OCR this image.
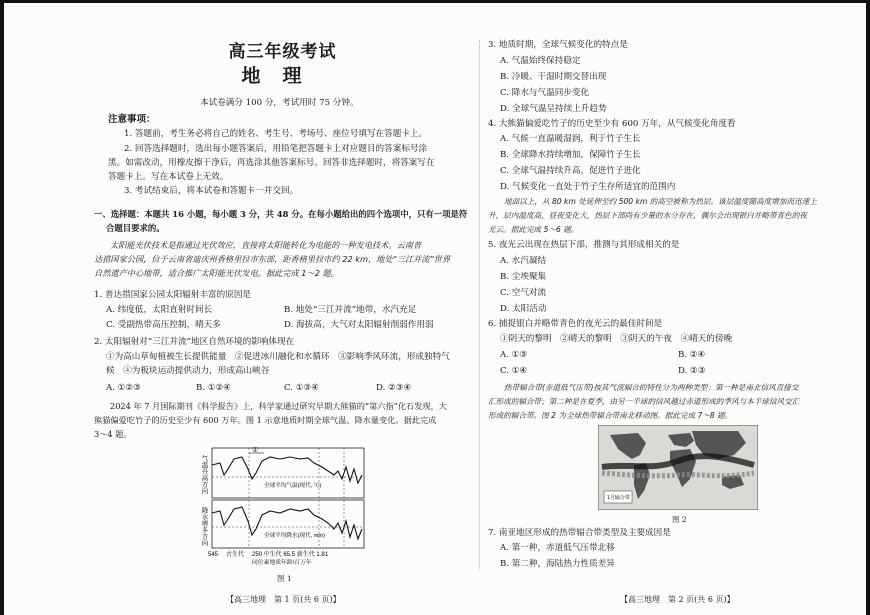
高三年级考试
地理
本试卷满分 100 分，考试用时 75 分钟。
注意事项：
1. 答题前，考生务必将自己的姓名、考生号、考场号、座位号填写在答题卡上。
2. 回答选择题时，选出每小题答案后，用铅笔把答题卡上对应题目的答案标号涂
黑。如需改动，用橡皮擦干净后，再选涂其他答案标号。回答非选择题时，将答案写在
答题卡上。写在本试卷上无效。
3. 考试结束后，将本试卷和答题卡一并交回。
一、选择题：本题共 16 小题，每小题 3 分，共 48 分。在每小题给出的四个选项中，只有一项是符
合题目要求的。
太阳能光伏技术是指通过光伏效应，直接将太阳能转化为电能的一种发电技术。云南普
达措国家公园，位于云南省迪庆州香格里拉市东部，距香格里拉市约 22 km，地处“三江并流”世界
自然遗产中心地带，适合推广太阳能光伏发电。据此完成 1～2 题。
1. 普达措国家公园太阳辐射丰富的原因是
A. 纬度低，太阳直射时间长	B. 地处“三江并流”地带，水汽充足
C. 受副热带高压控制，晴天多	D. 海拔高，大气对太阳辐射削弱作用弱
2. 太阳辐射对“三江并流”地区自然环境的影响体现在
①为高山草甸植被生长提供能量　②促进冰川融化和水循环　③影响季风环流，形成独特气
候　④为板块运动提供动力，形成高山峡谷
A. ①②③	B. ①②④	C. ①③④	D. ②③④
2024 年 7 月国际期刊《科学报告》上，科学家通过研究早期大熊猫的“第六指”化石发现，大
熊猫偏爱吃竹子的历史至少有 600 万年。图 1 示意地质时期全球气温、降水量变化。据此完成
3～4 题。
气温升高方向
降水增多方向
①
全球平均气温(现代, ℃)
全球平均降水(现代, mm)
545 古生代 250 中生代 65.5 新生代 1.81
同位素地质年龄/百万年
图 1
【高三地理　第 1 页(共 6 页)】
3. 地质时期，全球气候变化的特点是
A. 气温始终保持稳定
B. 冷暖、干湿时期交替出现
C. 降水与气温同步变化
D. 全球气温呈持续上升趋势
4. 大熊猫偏爱吃竹子的历史至少有 600 万年，从气候变化角度看
A. 气候一直温暖湿润，利于竹子生长
B. 全球降水持续增加，保障竹子生长
C. 全球气温持续升高，促进竹子进化
D. 气候变化一直处于竹子生存所适宜的范围内
地面以上，从 80 km 处延伸至约 500 km 的高空被称为热层。该层温度随高度增加而迅速上
升，层内温度高，昼夜变化大，热层下部尚有少量的水分存在，偶尔会出现银白并略带青色的夜
光云。据此完成 5～6 题。
5. 夜光云出现在热层下部，推测与其形成相关的是
A. 水汽凝结
B. 尘埃聚集
C. 空气对流
D. 太阳活动
6. 捕捉银白并略带青色的夜光云的最佳时间是
①阴天的黎明　②晴天的黎明　③阴天的午夜　④晴天的傍晚
A. ①③	B. ②④
C. ①④	D. ②③
热带辐合带(赤道低气压带)按其气流辐合的特性分为两种类型：第一种是南北信风直接交
汇形成的辐合带；第二种是在夏季，由另一半球的信风越过赤道形成的季风与本半球信风交汇
形成的辐合带。图 2 为全球热带辐合带南北移动图。据此完成 7～8 题。
1月辐合带
图 2
7. 南亚地区形成的热带辐合带类型及主要成因是
A. 第一种，赤道低气压带北移
B. 第二种，海陆热力性质差异
【高三地理　第 2 页(共 6 页)】
